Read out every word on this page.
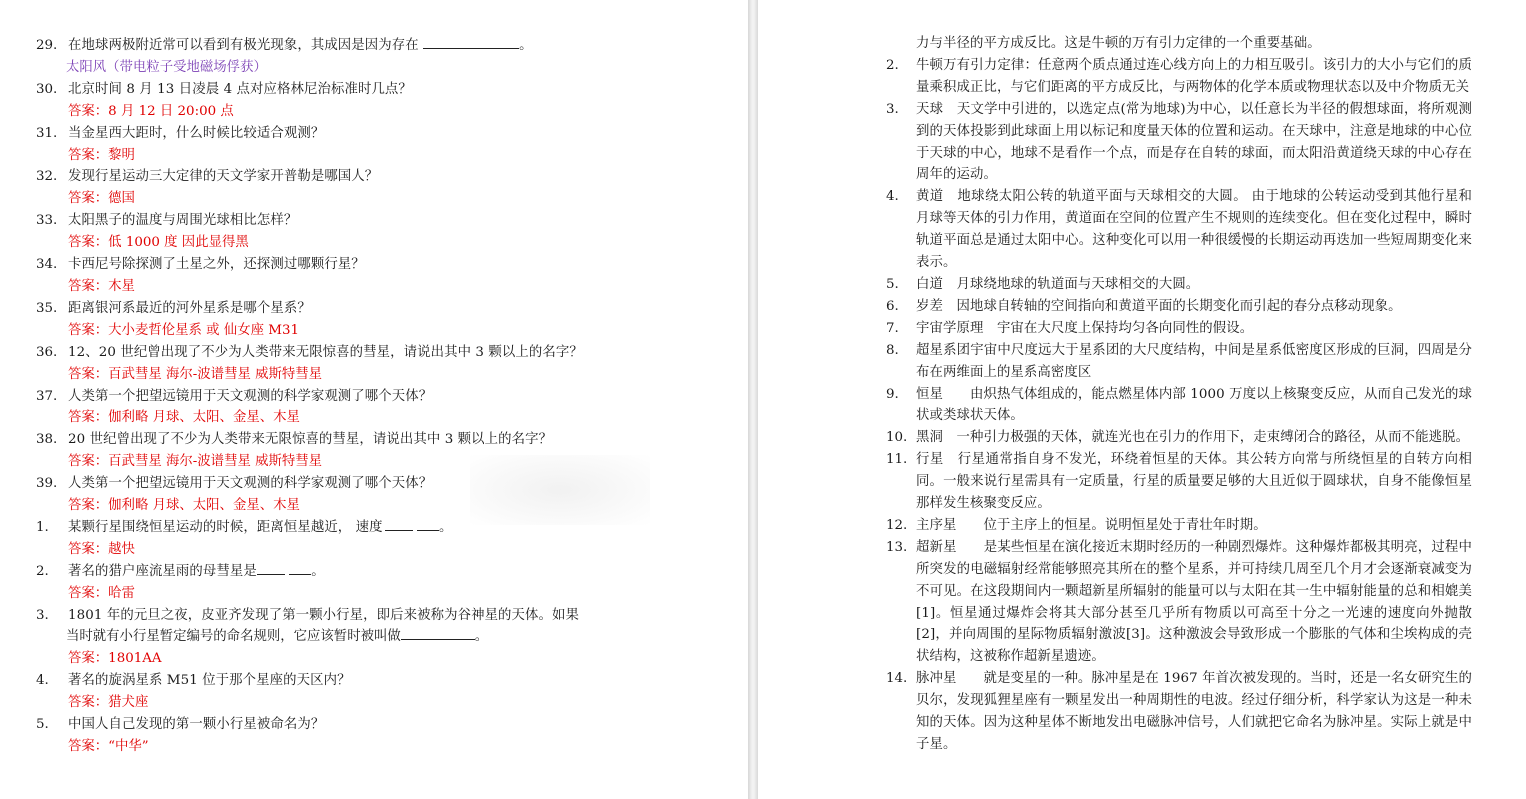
29. 在地球两极附近常可以看到有极光现象，其成因是因为存在	。
太阳风（带电粒子受地磁场俘获）
30. 北京时间 8 月 13 日凌晨 4 点对应格林尼治标准时几点？
答案：8 月 12 日 20:00 点
31. 当金星西大距时，什么时候比较适合观测？
答案：黎明
32. 发现行星运动三大定律的天文学家开普勒是哪国人？
答案：德国
33. 太阳黑子的温度与周围光球相比怎样？
答案：低 1000 度 因此显得黑
34. 卡西尼号除探测了土星之外，还探测过哪颗行星？
答案：木星
35. 距离银河系最近的河外星系是哪个星系？
答案：大小麦哲伦星系 或 仙女座 M31
36. 12、20 世纪曾出现了不少为人类带来无限惊喜的彗星，请说出其中 3 颗以上的名字？
答案：百武彗星 海尔-波谱彗星 威斯特彗星
37. 人类第一个把望远镜用于天文观测的科学家观测了哪个天体？
答案：伽利略 月球、太阳、金星、木星
38. 20 世纪曾出现了不少为人类带来无限惊喜的彗星，请说出其中 3 颗以上的名字？
答案：百武彗星 海尔-波谱彗星 威斯特彗星
39. 人类第一个把望远镜用于天文观测的科学家观测了哪个天体？
答案：伽利略 月球、太阳、金星、木星
1.	某颗行星围绕恒星运动的时候，距离恒星越近， 速度	。
答案：越快
2.	著名的猎户座流星雨的母彗星是	。
答案：哈雷
3.	1801 年的元旦之夜，皮亚齐发现了第一颗小行星，即后来被称为谷神星的天体。如果
当时就有小行星暂定编号的命名规则，它应该暂时被叫做	。
答案：1801AA
4.	著名的旋涡星系 M51 位于那个星座的天区内？
答案：猎犬座
5.	中国人自己发现的第一颗小行星被命名为？
答案：“中华”
力与半径的平方成反比。这是牛顿的万有引力定律的一个重要基础。
2.	牛顿万有引力定律：任意两个质点通过连心线方向上的力相互吸引。该引力的大小与它们的质量乘积成正比，与它们距离的平方成反比，与两物体的化学本质或物理状态以及中介物质无关
3.	天球　天文学中引进的，以选定点(常为地球)为中心，以任意长为半径的假想球面，将所观测到的天体投影到此球面上用以标记和度量天体的位置和运动。在天球中，注意是地球的中心位于天球的中心，地球不是看作一个点，而是存在自转的球面，而太阳沿黄道绕天球的中心存在周年的运动。
4.	黄道　地球绕太阳公转的轨道平面与天球相交的大圆。 由于地球的公转运动受到其他行星和月球等天体的引力作用，黄道面在空间的位置产生不规则的连续变化。但在变化过程中，瞬时轨道平面总是通过太阳中心。这种变化可以用一种很缓慢的长期运动再迭加一些短周期变化来表示。
5.	白道　月球绕地球的轨道面与天球相交的大圆。
6.	岁差　因地球自转轴的空间指向和黄道平面的长期变化而引起的春分点移动现象。
7.	宇宙学原理　宇宙在大尺度上保持均匀各向同性的假设。
8.	超星系团宇宙中尺度远大于星系团的大尺度结构，中间是星系低密度区形成的巨洞，四周是分布在两维面上的星系高密度区
9.	恒星　　由炽热气体组成的，能点燃星体内部 1000 万度以上核聚变反应，从而自己发光的球状或类球状天体。
10. 黑洞　一种引力极强的天体，就连光也在引力的作用下，走束缚闭合的路径，从而不能逃脱。
11. 行星　行星通常指自身不发光，环绕着恒星的天体。其公转方向常与所绕恒星的自转方向相同。一般来说行星需具有一定质量，行星的质量要足够的大且近似于圆球状，自身不能像恒星那样发生核聚变反应。
12. 主序星　　位于主序上的恒星。说明恒星处于青壮年时期。
13. 超新星　　是某些恒星在演化接近末期时经历的一种剧烈爆炸。这种爆炸都极其明亮，过程中所突发的电磁辐射经常能够照亮其所在的整个星系，并可持续几周至几个月才会逐渐衰减变为不可见。在这段期间内一颗超新星所辐射的能量可以与太阳在其一生中辐射能量的总和相媲美[1]。恒星通过爆炸会将其大部分甚至几乎所有物质以可高至十分之一光速的速度向外抛散[2]，并向周围的星际物质辐射激波[3]。这种激波会导致形成一个膨胀的气体和尘埃构成的壳状结构，这被称作超新星遗迹。
14. 脉冲星　　就是变星的一种。脉冲星是在 1967 年首次被发现的。当时，还是一名女研究生的贝尔，发现狐狸星座有一颗星发出一种周期性的电波。经过仔细分析，科学家认为这是一种未知的天体。因为这种星体不断地发出电磁脉冲信号，人们就把它命名为脉冲星。实际上就是中子星。
